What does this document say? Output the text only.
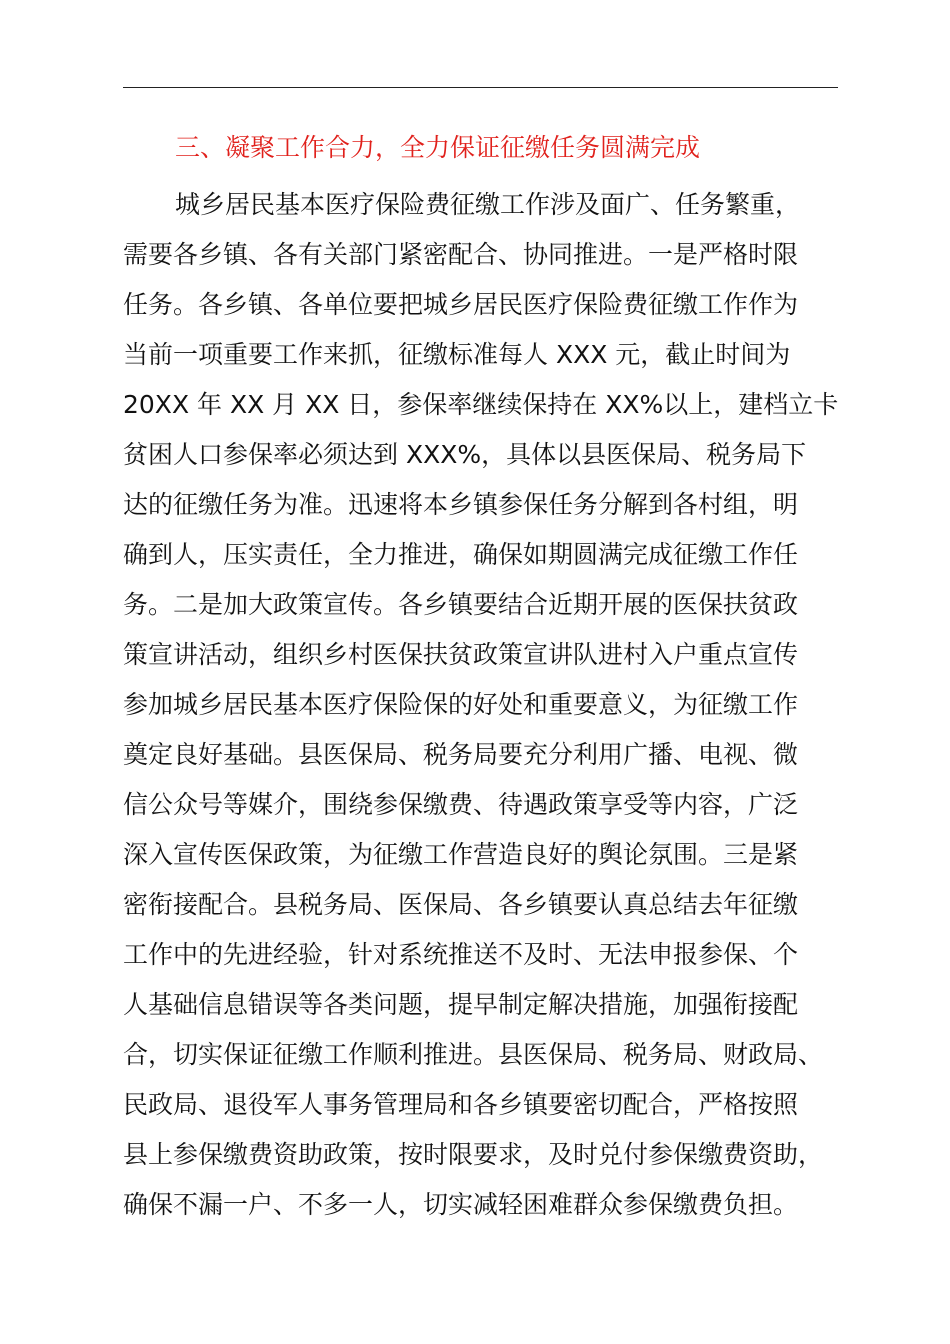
三、凝聚工作合力，全力保证征缴任务圆满完成
城乡居民基本医疗保险费征缴工作涉及面广、任务繁重，
需要各乡镇、各有关部门紧密配合、协同推进。一是严格时限
任务。各乡镇、各单位要把城乡居民医疗保险费征缴工作作为
当前一项重要工作来抓，征缴标准每人 XXX 元，截止时间为
20XX 年 XX 月 XX 日，参保率继续保持在 XX%以上，建档立卡
贫困人口参保率必须达到 XXX%，具体以县医保局、税务局下
达的征缴任务为准。迅速将本乡镇参保任务分解到各村组，明
确到人，压实责任，全力推进，确保如期圆满完成征缴工作任
务。二是加大政策宣传。各乡镇要结合近期开展的医保扶贫政
策宣讲活动，组织乡村医保扶贫政策宣讲队进村入户重点宣传
参加城乡居民基本医疗保险保的好处和重要意义，为征缴工作
奠定良好基础。县医保局、税务局要充分利用广播、电视、微
信公众号等媒介，围绕参保缴费、待遇政策享受等内容，广泛
深入宣传医保政策，为征缴工作营造良好的舆论氛围。三是紧
密衔接配合。县税务局、医保局、各乡镇要认真总结去年征缴
工作中的先进经验，针对系统推送不及时、无法申报参保、个
人基础信息错误等各类问题，提早制定解决措施，加强衔接配
合，切实保证征缴工作顺利推进。县医保局、税务局、财政局、
民政局、退役军人事务管理局和各乡镇要密切配合，严格按照
县上参保缴费资助政策，按时限要求，及时兑付参保缴费资助，
确保不漏一户、不多一人，切实减轻困难群众参保缴费负担。
